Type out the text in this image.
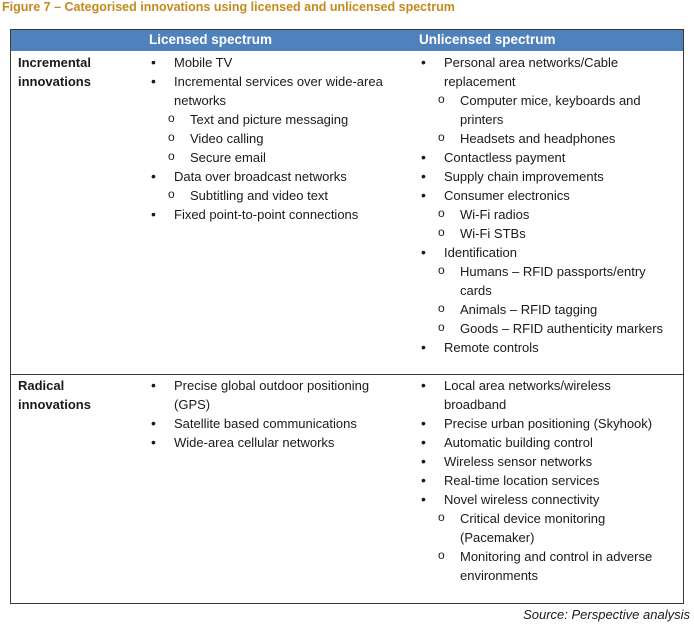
Figure 7 – Categorised innovations using licensed and unlicensed spectrum
Licensed spectrum	Unlicensed spectrum
Incremental
innovations
• Mobile TV
• Incremental services over wide-area
networks
o Text and picture messaging
o Video calling
o Secure email
• Data over broadcast networks
o Subtitling and video text
• Fixed point-to-point connections
• Personal area networks/Cable
replacement
o Computer mice, keyboards and
printers
o Headsets and headphones
• Contactless payment
• Supply chain improvements
• Consumer electronics
o Wi-Fi radios
o Wi-Fi STBs
• Identification
o Humans – RFID passports/entry
cards
o Animals – RFID tagging
o Goods – RFID authenticity markers
• Remote controls
Radical
innovations
• Precise global outdoor positioning
(GPS)
• Satellite based communications
• Wide-area cellular networks
• Local area networks/wireless
broadband
• Precise urban positioning (Skyhook)
• Automatic building control
• Wireless sensor networks
• Real-time location services
• Novel wireless connectivity
o Critical device monitoring
(Pacemaker)
o Monitoring and control in adverse
environments
Source: Perspective analysis
